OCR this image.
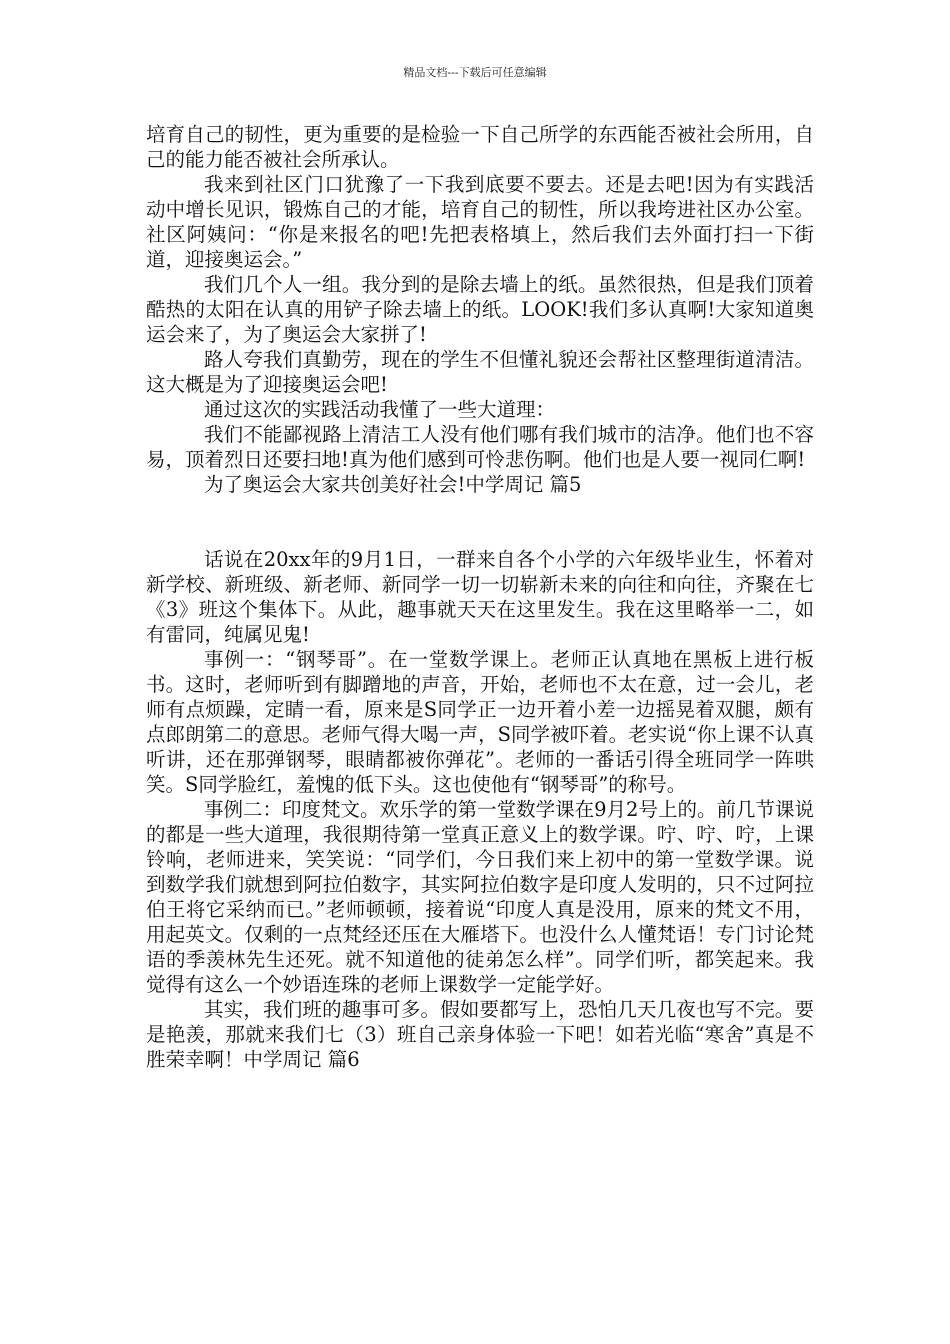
精品文档---下载后可任意编辑

培育自己的韧性，更为重要的是检验一下自己所学的东西能否被社会所用，自己的能力能否被社会所承认。

我来到社区门口犹豫了一下我到底要不要去。还是去吧!因为有实践活动中增长见识，锻炼自己的才能，培育自己的韧性，所以我垮进社区办公室。社区阿姨问：“你是来报名的吧!先把表格填上，然后我们去外面打扫一下街道，迎接奥运会。”

我们几个人一组。我分到的是除去墙上的纸。虽然很热，但是我们顶着酷热的太阳在认真的用铲子除去墙上的纸。LOOK!我们多认真啊!大家知道奥运会来了，为了奥运会大家拼了!

路人夸我们真勤劳，现在的学生不但懂礼貌还会帮社区整理街道清洁。这大概是为了迎接奥运会吧!

通过这次的实践活动我懂了一些大道理：

我们不能鄙视路上清洁工人没有他们哪有我们城市的洁净。他们也不容易，顶着烈日还要扫地!真为他们感到可怜悲伤啊。他们也是人要一视同仁啊!

为了奥运会大家共创美好社会!中学周记 篇5

话说在20xx年的9月1日，一群来自各个小学的六年级毕业生，怀着对新学校、新班级、新老师、新同学一切一切崭新未来的向往和向往，齐聚在七《3》班这个集体下。从此，趣事就天天在这里发生。我在这里略举一二，如有雷同，纯属见鬼!

事例一：“钢琴哥”。在一堂数学课上。老师正认真地在黑板上进行板书。这时，老师听到有脚蹭地的声音，开始，老师也不太在意，过一会儿，老师有点烦躁，定睛一看，原来是S同学正一边开着小差一边摇晃着双腿，颇有点郎朗第二的意思。老师气得大喝一声，S同学被吓着。老实说“你上课不认真听讲，还在那弹钢琴，眼睛都被你弹花”。老师的一番话引得全班同学一阵哄笑。S同学脸红，羞愧的低下头。这也使他有“钢琴哥”的称号。

事例二：印度梵文。欢乐学的第一堂数学课在9月2号上的。前几节课说的都是一些大道理，我很期待第一堂真正意义上的数学课。咛、咛、咛，上课铃响，老师进来，笑笑说：“同学们，今日我们来上初中的第一堂数学课。说到数学我们就想到阿拉伯数字，其实阿拉伯数字是印度人发明的，只不过阿拉伯王将它采纳而已。”老师顿顿，接着说“印度人真是没用，原来的梵文不用，用起英文。仅剩的一点梵经还压在大雁塔下。也没什么人懂梵语！专门讨论梵语的季羡林先生还死。就不知道他的徒弟怎么样”。同学们听，都笑起来。我觉得有这么一个妙语连珠的老师上课数学一定能学好。

其实，我们班的趣事可多。假如要都写上，恐怕几天几夜也写不完。要是艳羡，那就来我们七（3）班自己亲身体验一下吧！如若光临“寒舍”真是不胜荣幸啊！中学周记 篇6
